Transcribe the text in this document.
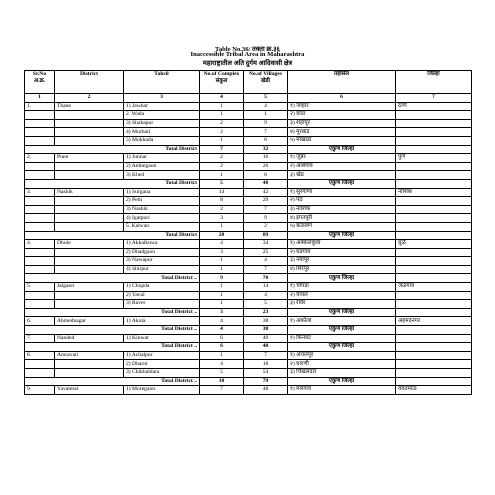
Table No.36/ तक्ता क्र.३६
Inaccessible Tribal Area in Maharashtra
महाराष्ट्रातील अति दुर्गम आदिवासी क्षेत्र
Sr.No अ.क्र.	District	Tahsil	No.of Complex संकुल	No.of Villages खेडी	तहसिल	जिल्हा
1	2	3	4	5	6	7
1.	Thane	1) Jawhar	1	4	१) जव्हार	ठाणे
		2. Wada	1	1	२) वाडा	
		3) Shahapur	2	9	३) शहापूर	
		4) Murbad	2	7	४) मुरबाड	
		5) Mokhada	1	8	५) मोखाडा	
Total District			7	32	एकुण जिल्हा	
2.	Pune	1) Junnar	2	16	१) जुन्नर	पुणे
		2) Ambegaon	2	26	२) आंबेगांव	
		3) Khed	1	6	३) खेड	
Total District			5	48	एकुण जिल्हा	
3.	Nashik	1) Surgana	14	42	१) सुरगाणा	नाशिक
		2) Peth	8	29	२) पेठ	
		3) Nashik	2	7	३) नाशिक	
		4) Igatpuri	3	9	४) इगतपुरी	
		5. Kalwan	1	2	५) कळवण	
Total District			28	89	एकुण जिल्हा	
4.	Dhule	1) Akkalkuwa	4	34	१) अक्कलकुवा	धुळे
		2) Dhadgaon	3	25	२) धडगांव	
		3) Nawapur	1	4	३) नवापूर	
		4) Shirpur	1	7	४) शिरपूर	
Total District ..			9	70	एकुण जिल्हा	
5.	Jalgaon	1) Chopda	1	14	१) चोपडा	जळगांव
		2) Yaval	1	4	२) यावल	
		3) Raver	1	5	३) रावेर	
Total District ..			3	23	एकुण जिल्हा	
6.	Ahmednagar	1) Akola	4	38	१) अकोला	अहमदनगर
Total District ..			4	38	एकुण जिल्हा	
7.	Nanded	1) Kinwat	6	40	१) किनवट	
Total District ..			6	40	एकुण जिल्हा	
8.	Amravati	1) Achalpur	1	7	१) अचलपूर	
		2) Dharni	4	18	२) धारणी	
		3) Chikhaldara	5	54	३) चिखलदरा	
Total District ..			10	79	एकुण जिल्हा	
9.	Yavatmal	1) Moregaon	7	48	१) मारेगांव	यवतमाळ
